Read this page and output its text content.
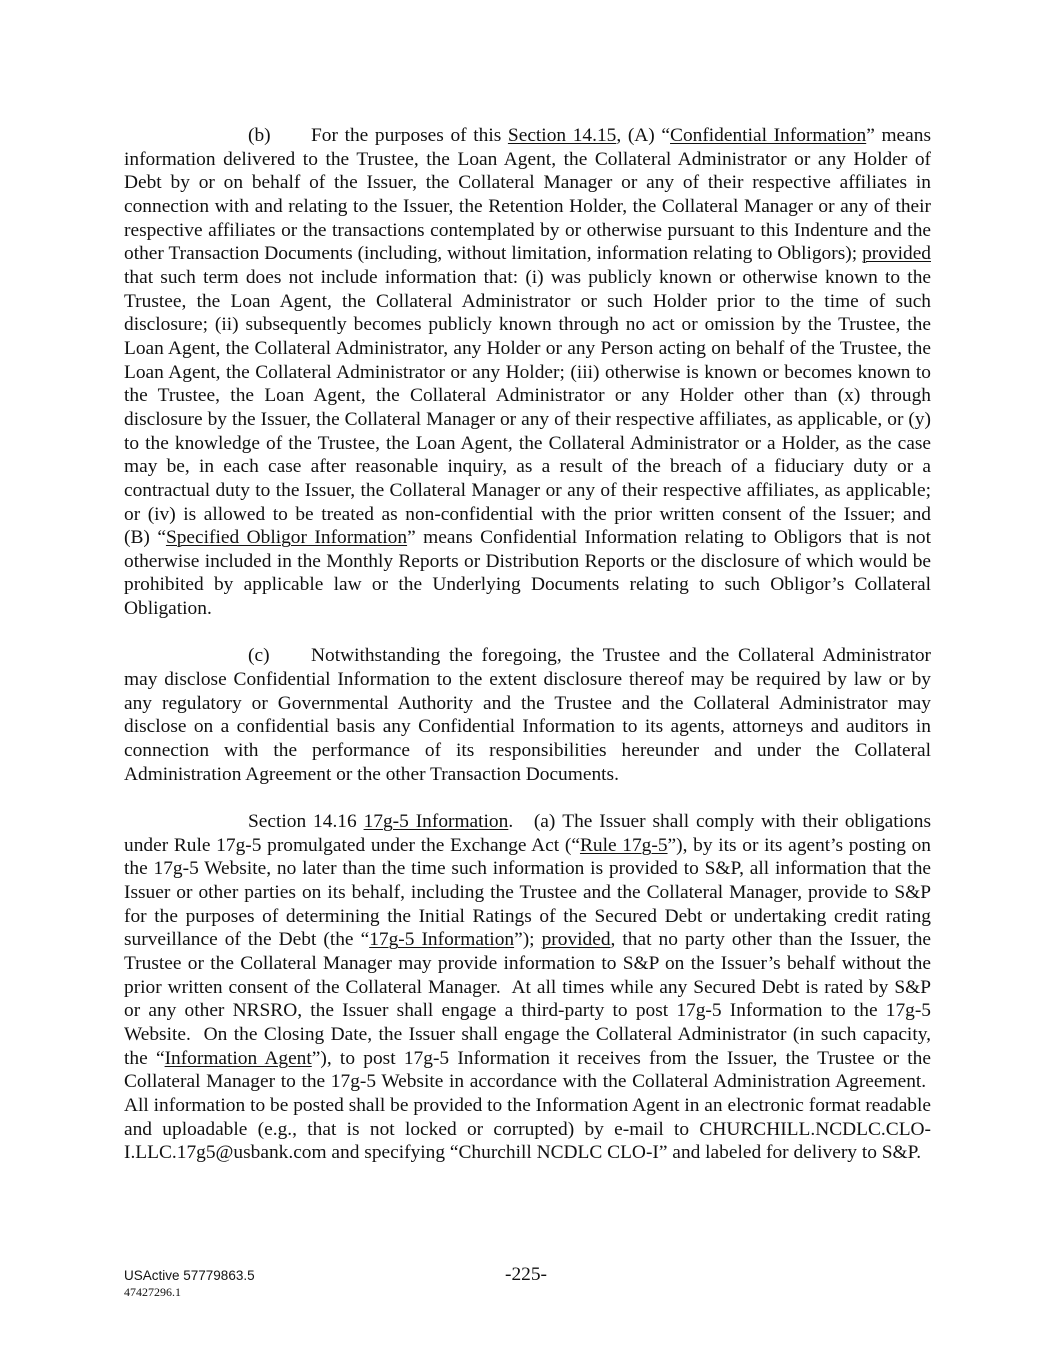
(b) For the purposes of this Section 14.15, (A) “Confidential Information” means information delivered to the Trustee, the Loan Agent, the Collateral Administrator or any Holder of Debt by or on behalf of the Issuer, the Collateral Manager or any of their respective affiliates in connection with and relating to the Issuer, the Retention Holder, the Collateral Manager or any of their respective affiliates or the transactions contemplated by or otherwise pursuant to this Indenture and the other Transaction Documents (including, without limitation, information relating to Obligors); provided that such term does not include information that: (i) was publicly known or otherwise known to the Trustee, the Loan Agent, the Collateral Administrator or such Holder prior to the time of such disclosure; (ii) subsequently becomes publicly known through no act or omission by the Trustee, the Loan Agent, the Collateral Administrator, any Holder or any Person acting on behalf of the Trustee, the Loan Agent, the Collateral Administrator or any Holder; (iii) otherwise is known or becomes known to the Trustee, the Loan Agent, the Collateral Administrator or any Holder other than (x) through disclosure by the Issuer, the Collateral Manager or any of their respective affiliates, as applicable, or (y) to the knowledge of the Trustee, the Loan Agent, the Collateral Administrator or a Holder, as the case may be, in each case after reasonable inquiry, as a result of the breach of a fiduciary duty or a contractual duty to the Issuer, the Collateral Manager or any of their respective affiliates, as applicable; or (iv) is allowed to be treated as non-confidential with the prior written consent of the Issuer; and (B) “Specified Obligor Information” means Confidential Information relating to Obligors that is not otherwise included in the Monthly Reports or Distribution Reports or the disclosure of which would be prohibited by applicable law or the Underlying Documents relating to such Obligor’s Collateral Obligation.

(c) Notwithstanding the foregoing, the Trustee and the Collateral Administrator may disclose Confidential Information to the extent disclosure thereof may be required by law or by any regulatory or Governmental Authority and the Trustee and the Collateral Administrator may disclose on a confidential basis any Confidential Information to its agents, attorneys and auditors in connection with the performance of its responsibilities hereunder and under the Collateral Administration Agreement or the other Transaction Documents.

Section 14.16 17g-5 Information.   (a) The Issuer shall comply with their obligations under Rule 17g-5 promulgated under the Exchange Act (“Rule 17g-5”), by its or its agent’s posting on the 17g-5 Website, no later than the time such information is provided to S&P, all information that the Issuer or other parties on its behalf, including the Trustee and the Collateral Manager, provide to S&P for the purposes of determining the Initial Ratings of the Secured Debt or undertaking credit rating surveillance of the Debt (the “17g-5 Information”); provided, that no party other than the Issuer, the Trustee or the Collateral Manager may provide information to S&P on the Issuer’s behalf without the prior written consent of the Collateral Manager.  At all times while any Secured Debt is rated by S&P or any other NRSRO, the Issuer shall engage a third-party to post 17g-5 Information to the 17g-5 Website.  On the Closing Date, the Issuer shall engage the Collateral Administrator (in such capacity, the “Information Agent”), to post 17g-5 Information it receives from the Issuer, the Trustee or the Collateral Manager to the 17g-5 Website in accordance with the Collateral Administration Agreement.  All information to be posted shall be provided to the Information Agent in an electronic format readable and uploadable (e.g., that is not locked or corrupted) by e-mail to CHURCHILL.NCDLC.CLO-I.LLC.17g5@usbank.com and specifying “Churchill NCDLC CLO-I” and labeled for delivery to S&P.

USActive 57779863.5
47427296.1
-225-
